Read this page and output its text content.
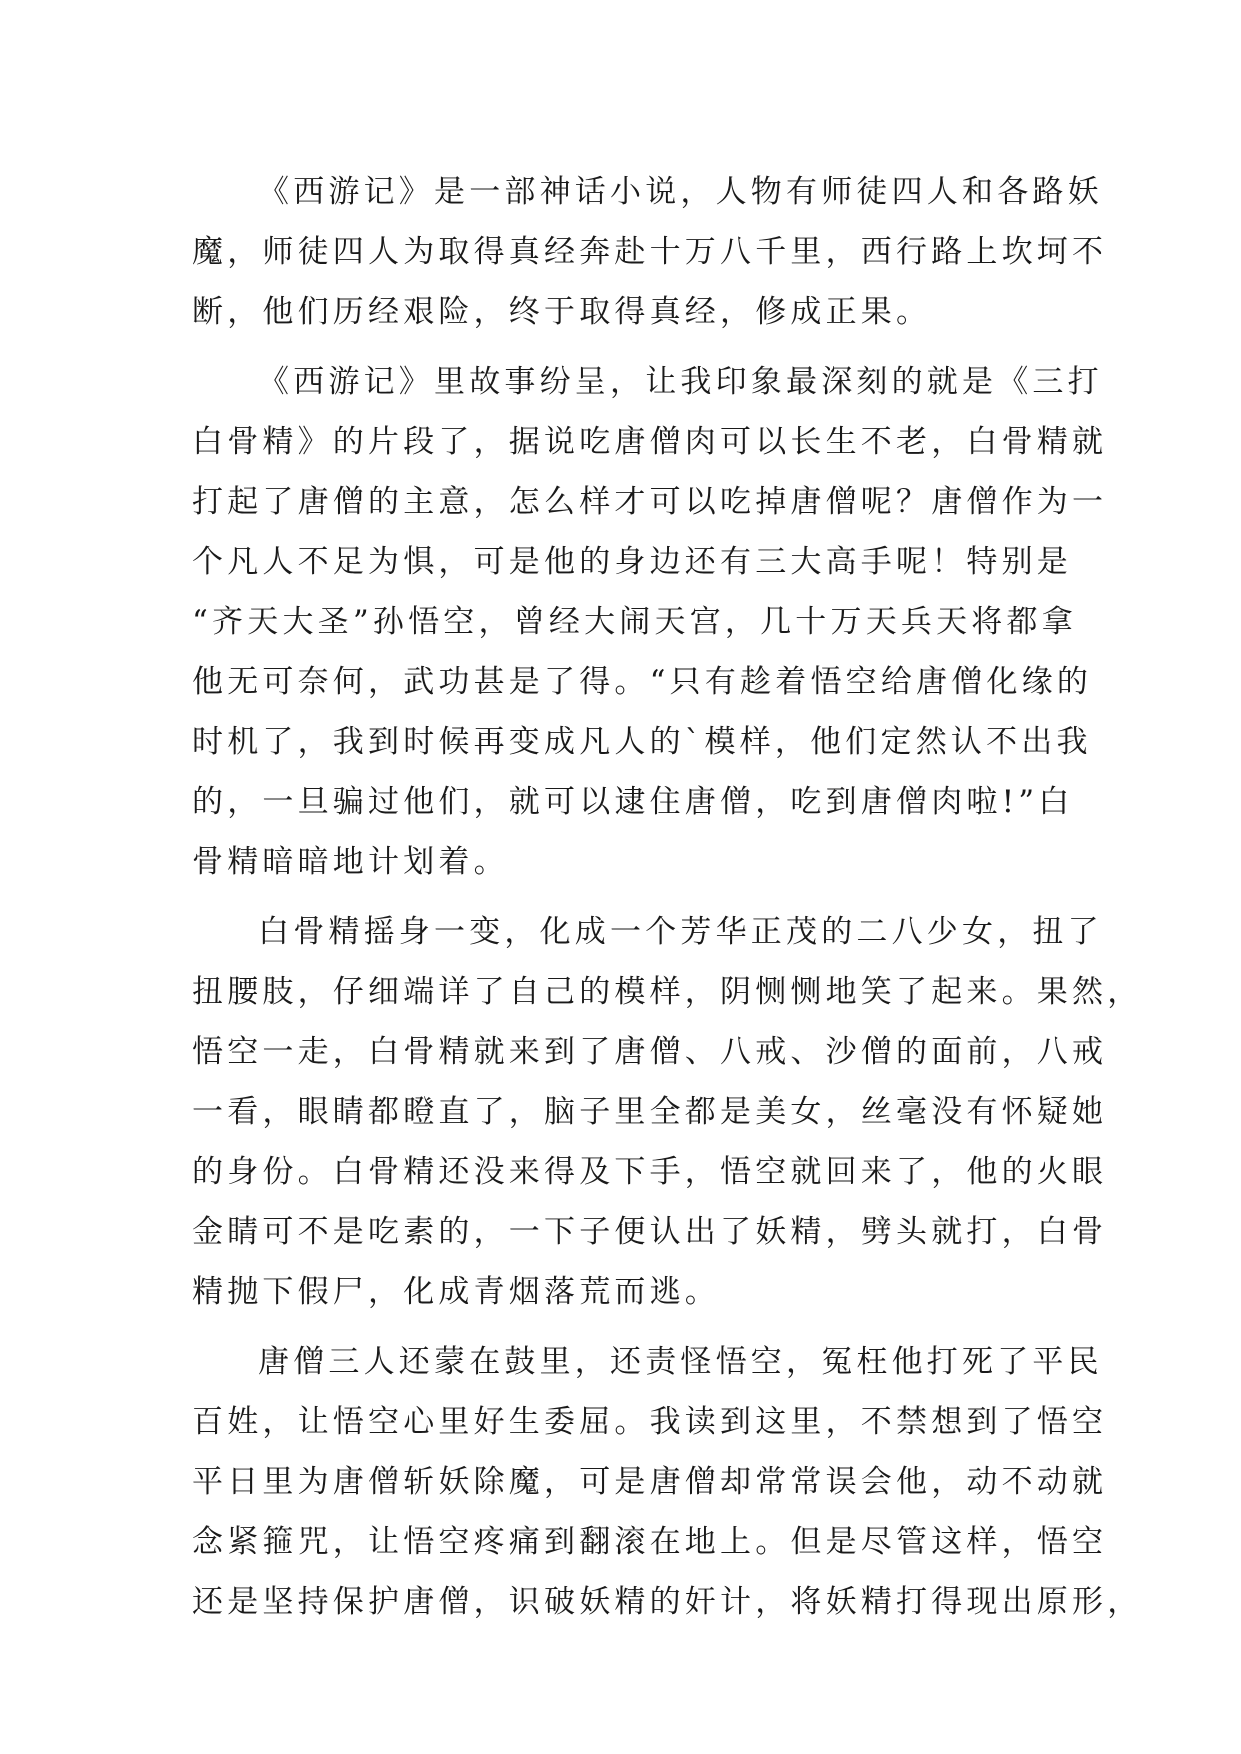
《西游记》是一部神话小说，人物有师徒四人和各路妖
魔，师徒四人为取得真经奔赴十万八千里，西行路上坎坷不
断，他们历经艰险，终于取得真经，修成正果。
《西游记》里故事纷呈，让我印象最深刻的就是《三打
白骨精》的片段了，据说吃唐僧肉可以长生不老，白骨精就
打起了唐僧的主意，怎么样才可以吃掉唐僧呢？唐僧作为一
个凡人不足为惧，可是他的身边还有三大高手呢！特别是
“齐天大圣”孙悟空，曾经大闹天宫，几十万天兵天将都拿
他无可奈何，武功甚是了得。“只有趁着悟空给唐僧化缘的
时机了，我到时候再变成凡人的`模样，他们定然认不出我
的，一旦骗过他们，就可以逮住唐僧，吃到唐僧肉啦!”白
骨精暗暗地计划着。
白骨精摇身一变，化成一个芳华正茂的二八少女，扭了
扭腰肢，仔细端详了自己的模样，阴恻恻地笑了起来。果然，
悟空一走，白骨精就来到了唐僧、八戒、沙僧的面前，八戒
一看，眼睛都瞪直了，脑子里全都是美女，丝毫没有怀疑她
的身份。白骨精还没来得及下手，悟空就回来了，他的火眼
金睛可不是吃素的，一下子便认出了妖精，劈头就打，白骨
精抛下假尸，化成青烟落荒而逃。
唐僧三人还蒙在鼓里，还责怪悟空，冤枉他打死了平民
百姓，让悟空心里好生委屈。我读到这里，不禁想到了悟空
平日里为唐僧斩妖除魔，可是唐僧却常常误会他，动不动就
念紧箍咒，让悟空疼痛到翻滚在地上。但是尽管这样，悟空
还是坚持保护唐僧，识破妖精的奸计，将妖精打得现出原形，
